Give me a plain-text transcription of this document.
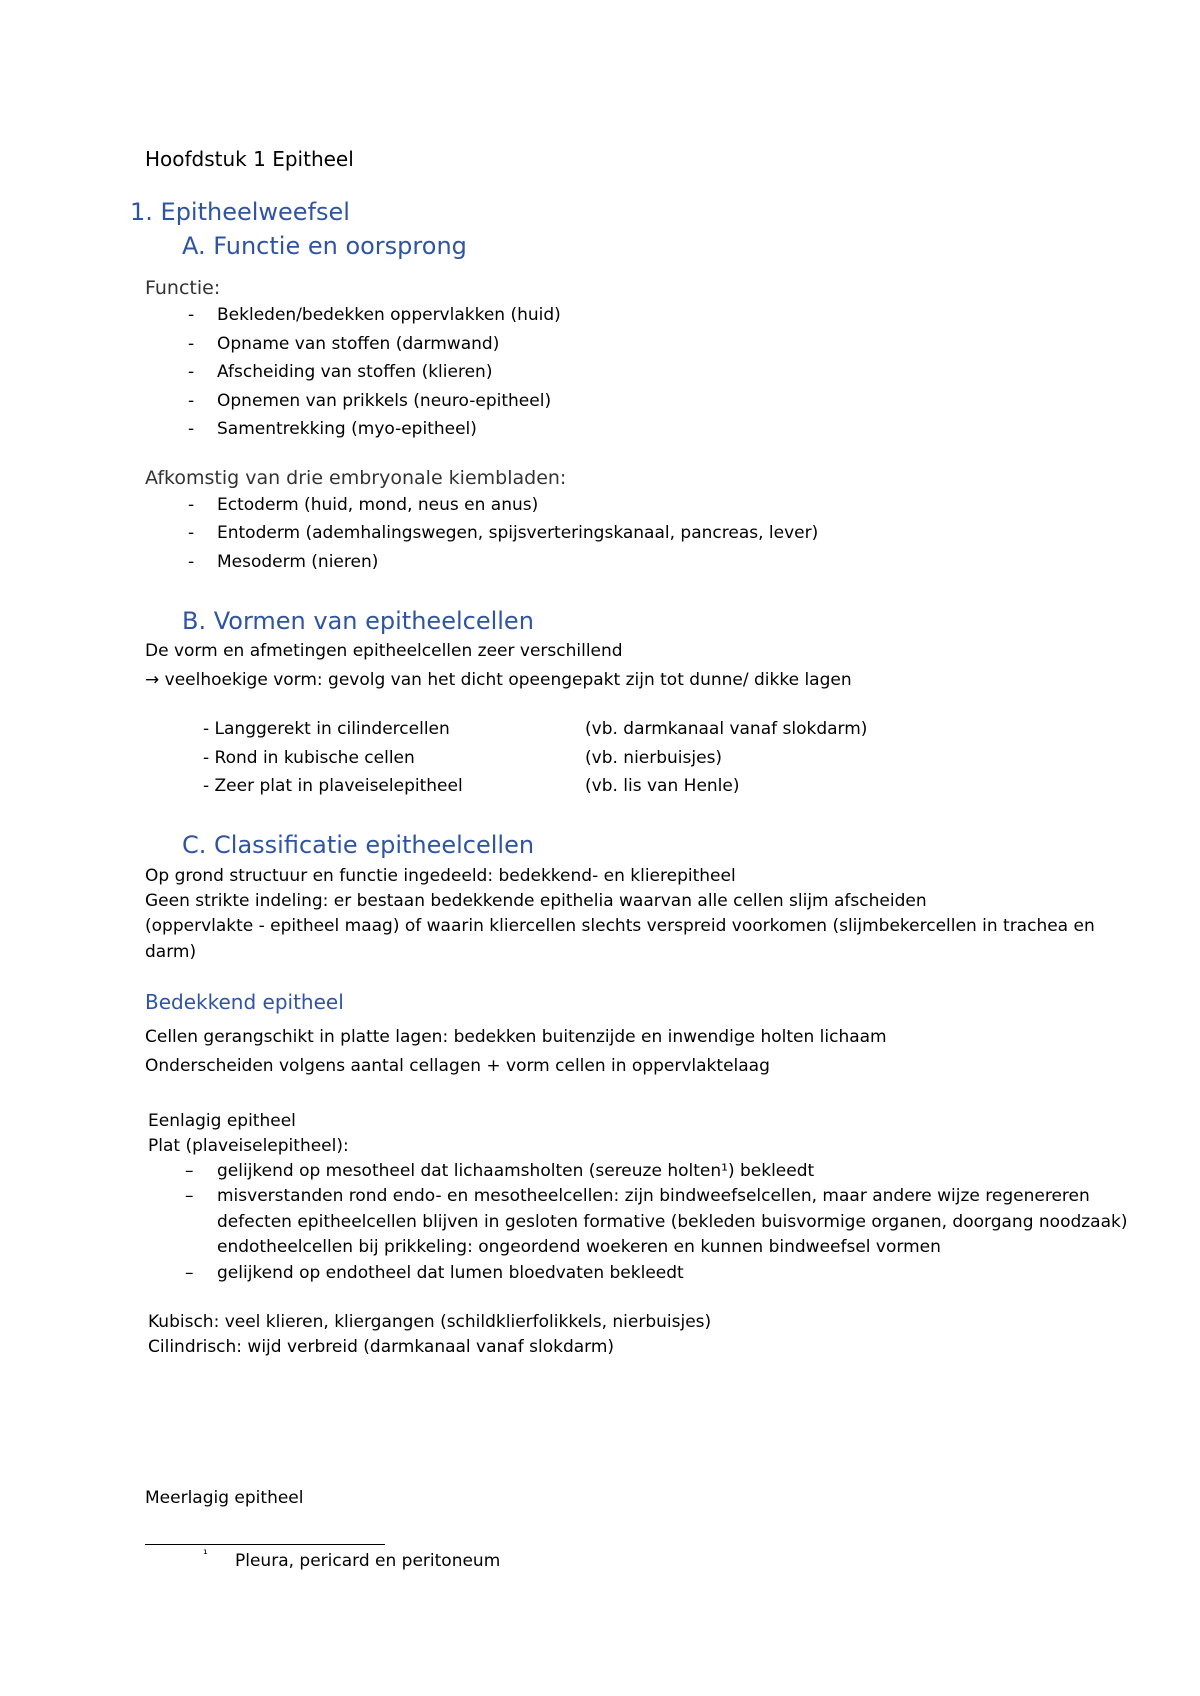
Hoofdstuk 1 Epitheel
1. Epitheelweefsel
A. Functie en oorsprong
Functie:
- Bekleden/bedekken oppervlakken (huid)
- Opname van stoffen (darmwand)
- Afscheiding van stoffen (klieren)
- Opnemen van prikkels (neuro-epitheel)
- Samentrekking (myo-epitheel)
Afkomstig van drie embryonale kiembladen:
- Ectoderm (huid, mond, neus en anus)
- Entoderm (ademhalingswegen, spijsverteringskanaal, pancreas, lever)
- Mesoderm (nieren)
B. Vormen van epitheelcellen
De vorm en afmetingen epitheelcellen zeer verschillend
→ veelhoekige vorm: gevolg van het dicht opeengepakt zijn tot dunne/ dikke lagen
- Langgerekt in cilindercellen	(vb. darmkanaal vanaf slokdarm)
- Rond in kubische cellen	(vb. nierbuisjes)
- Zeer plat in plaveiselepitheel	(vb. lis van Henle)
C. Classificatie epitheelcellen
Op grond structuur en functie ingedeeld: bedekkend- en klierepitheel
Geen strikte indeling: er bestaan bedekkende epithelia waarvan alle cellen slijm afscheiden
(oppervlakte - epitheel maag) of waarin kliercellen slechts verspreid voorkomen (slijmbekercellen in trachea en
darm)
Bedekkend epitheel
Cellen gerangschikt in platte lagen: bedekken buitenzijde en inwendige holten lichaam
Onderscheiden volgens aantal cellagen + vorm cellen in oppervlaktelaag
Eenlagig epitheel
Plat (plaveiselepitheel):
– gelijkend op mesotheel dat lichaamsholten (sereuze holten¹) bekleedt
– misverstanden rond endo- en mesotheelcellen: zijn bindweefselcellen, maar andere wijze regenereren
defecten epitheelcellen blijven in gesloten formative (bekleden buisvormige organen, doorgang noodzaak)
endotheelcellen bij prikkeling: ongeordend woekeren en kunnen bindweefsel vormen
– gelijkend op endotheel dat lumen bloedvaten bekleedt
Kubisch: veel klieren, kliergangen (schildklierfolikkels, nierbuisjes)
Cilindrisch: wijd verbreid (darmkanaal vanaf slokdarm)
Meerlagig epitheel
¹ Pleura, pericard en peritoneum
